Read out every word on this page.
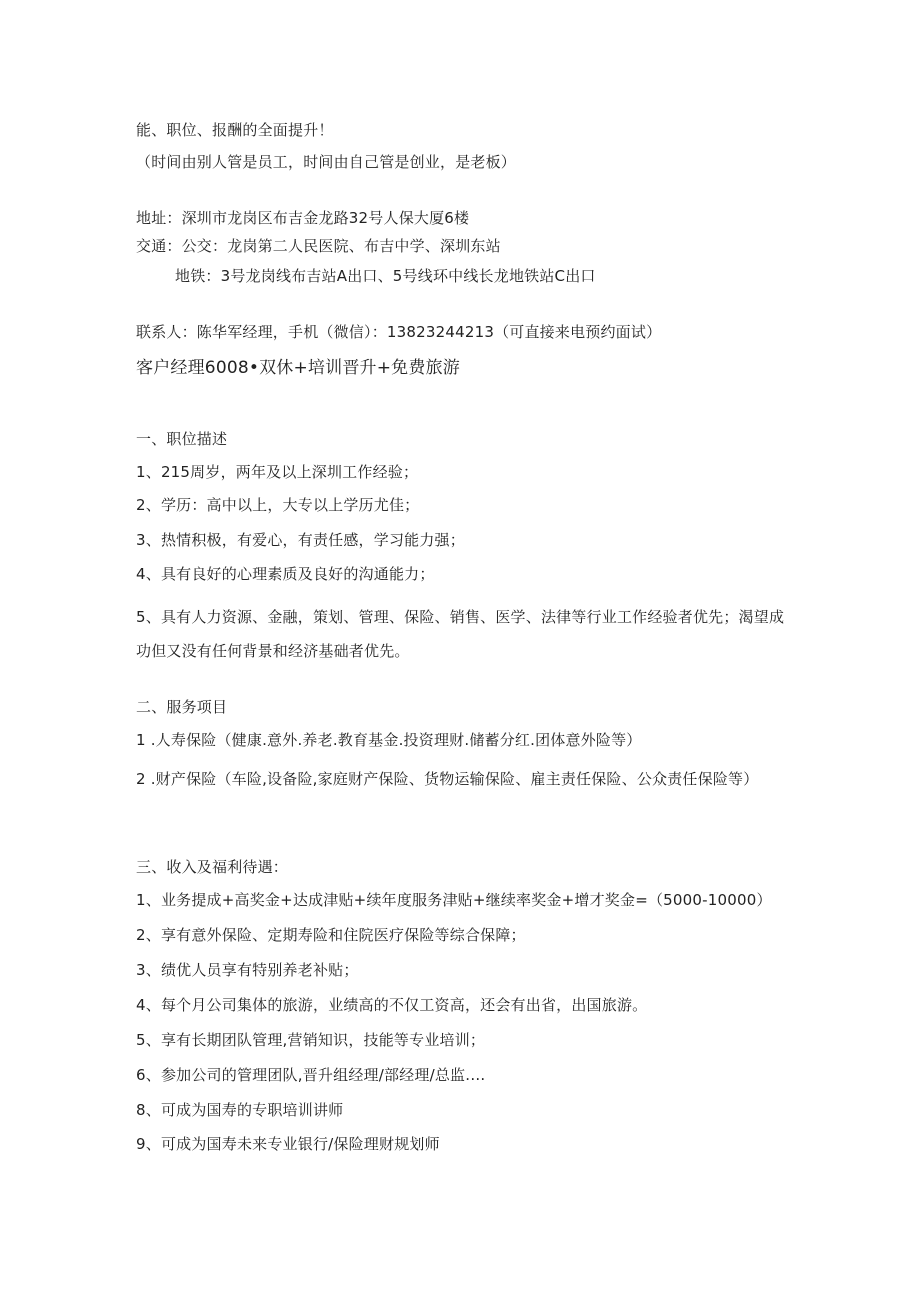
能、职位、报酬的全面提升！
（时间由别人管是员工，时间由自己管是创业，是老板）
地址：深圳市龙岗区布吉金龙路32号人保大厦6楼
交通：公交：龙岗第二人民医院、布吉中学、深圳东站
地铁：3号龙岗线布吉站A出口、5号线环中线长龙地铁站C出口
联系人：陈华军经理，手机（微信）：13823244213（可直接来电预约面试）
客户经理6008•双休+培训晋升+免费旅游
一、职位描述
1、215周岁，两年及以上深圳工作经验；
2、学历：高中以上，大专以上学历尤佳；
3、热情积极，有爱心，有责任感，学习能力强；
4、具有良好的心理素质及良好的沟通能力；
5、具有人力资源、金融，策划、管理、保险、销售、医学、法律等行业工作经验者优先；渴望成功但又没有任何背景和经济基础者优先。
二、服务项目
1 .人寿保险（健康.意外.养老.教育基金.投资理财.储蓄分红.团体意外险等）
2 .财产保险（车险,设备险,家庭财产保险、货物运输保险、雇主责任保险、公众责任保险等）
三、收入及福利待遇：
1、业务提成+高奖金+达成津贴+续年度服务津贴+继续率奖金+增才奖金=（5000-10000）
2、享有意外保险、定期寿险和住院医疗保险等综合保障；
3、绩优人员享有特别养老补贴；
4、每个月公司集体的旅游，业绩高的不仅工资高，还会有出省，出国旅游。
5、享有长期团队管理,营销知识，技能等专业培训；
6、参加公司的管理团队,晋升组经理/部经理/总监.…
8、可成为国寿的专职培训讲师
9、可成为国寿未来专业银行/保险理财规划师
